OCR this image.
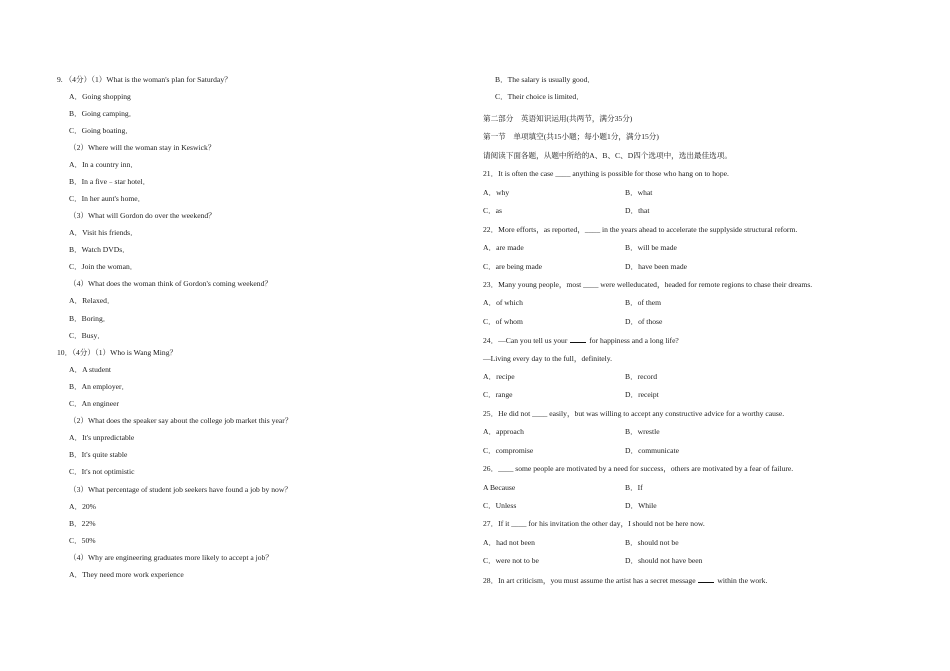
9. （4分）（1）What is the woman's plan for Saturday？
A．Going shopping
B．Going camping．
C．Going boating．
（2）Where will the woman stay in Keswick？
A．In a country inn．
B．In a five﹣star hotel．
C．In her aunt's home．
（3）What will Gordon do over the weekend？
A．Visit his friends．
B．Watch DVDs．
C．Join the woman．
（4）What does the woman think of Gordon's coming weekend？
A．Relaxed．
B．Boring．
C．Busy．
10．（4分）（1）Who is Wang Ming？
A．A student
B．An employer．
C．An engineer
（2）What does the speaker say about the college job market this year？
A．It's unpredictable
B．It's quite stable
C．It's not optimistic
（3）What percentage of student job seekers have found a job by now？
A．20%
B．22%
C．50%
（4）Why are engineering graduates more likely to accept a job？
A．They need more work experience
B．The salary is usually good．
C．Their choice is limited．
第二部分　英语知识运用(共两节，满分35分)
第一节　单项填空(共15小题；每小题1分，满分15分)
请阅读下面各题，从题中所给的A、B、C、D四个选项中，选出最佳选项。
21．It is often the case ____ anything is possible for those who hang on to hope.
A．why	B．what
C．as	D．that
22．More efforts，as reported，____ in the years ahead to accelerate the supplyside structural reform.
A．are made	B．will be made
C．are being made	D．have been made
23．Many young people，most ____ were welleducated，headed for remote regions to chase their dreams.
A．of which	B．of them
C．of whom	D．of those
24．—Can you tell us your	for happiness and a long life?
—Living every day to the full，definitely.
A．recipe	B．record
C．range	D．receipt
25．He did not ____ easily，but was willing to accept any constructive advice for a worthy cause.
A．approach	B．wrestle
C．compromise	D．communicate
26．____ some people are motivated by a need for success，others are motivated by a fear of failure.
A Because	B．If
C．Unless	D．While
27．If it ____ for his invitation the other day，I should not be here now.
A．had not been	B．should not be
C．were not to be	D．should not have been
28．In art criticism，you must assume the artist has a secret message	within the work.
